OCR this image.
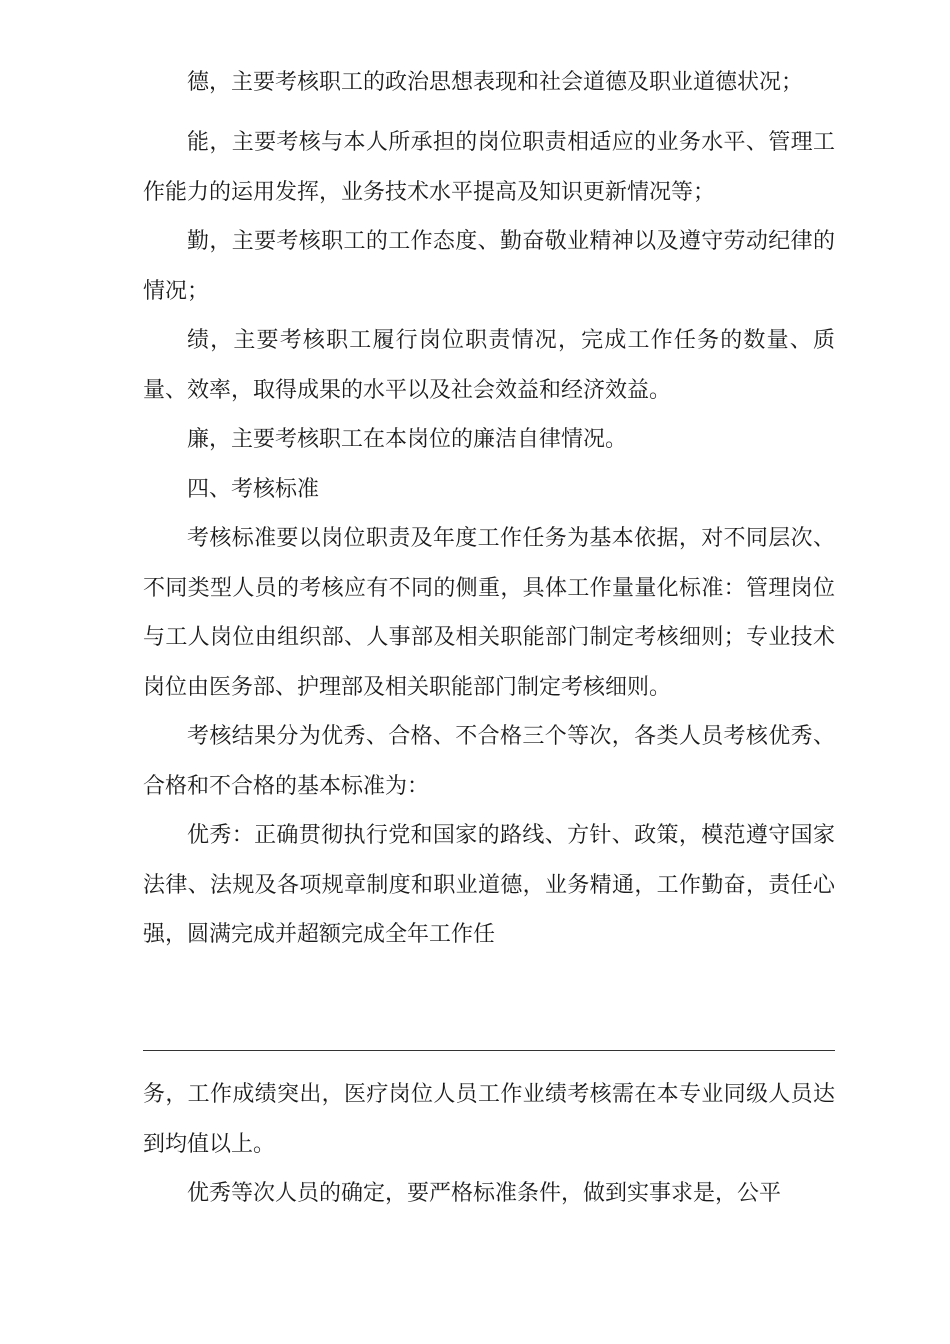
德，主要考核职工的政治思想表现和社会道德及职业道德状况；

能，主要考核与本人所承担的岗位职责相适应的业务水平、管理工作能力的运用发挥，业务技术水平提高及知识更新情况等；

勤，主要考核职工的工作态度、勤奋敬业精神以及遵守劳动纪律的情况；

绩，主要考核职工履行岗位职责情况，完成工作任务的数量、质量、效率，取得成果的水平以及社会效益和经济效益。

廉，主要考核职工在本岗位的廉洁自律情况。

四、考核标准

考核标准要以岗位职责及年度工作任务为基本依据，对不同层次、不同类型人员的考核应有不同的侧重，具体工作量量化标准：管理岗位与工人岗位由组织部、人事部及相关职能部门制定考核细则；专业技术岗位由医务部、护理部及相关职能部门制定考核细则。

考核结果分为优秀、合格、不合格三个等次，各类人员考核优秀、合格和不合格的基本标准为：

优秀：正确贯彻执行党和国家的路线、方针、政策，模范遵守国家法律、法规及各项规章制度和职业道德，业务精通，工作勤奋，责任心强，圆满完成并超额完成全年工作任

务，工作成绩突出，医疗岗位人员工作业绩考核需在本专业同级人员达到均值以上。

优秀等次人员的确定，要严格标准条件，做到实事求是，公平
